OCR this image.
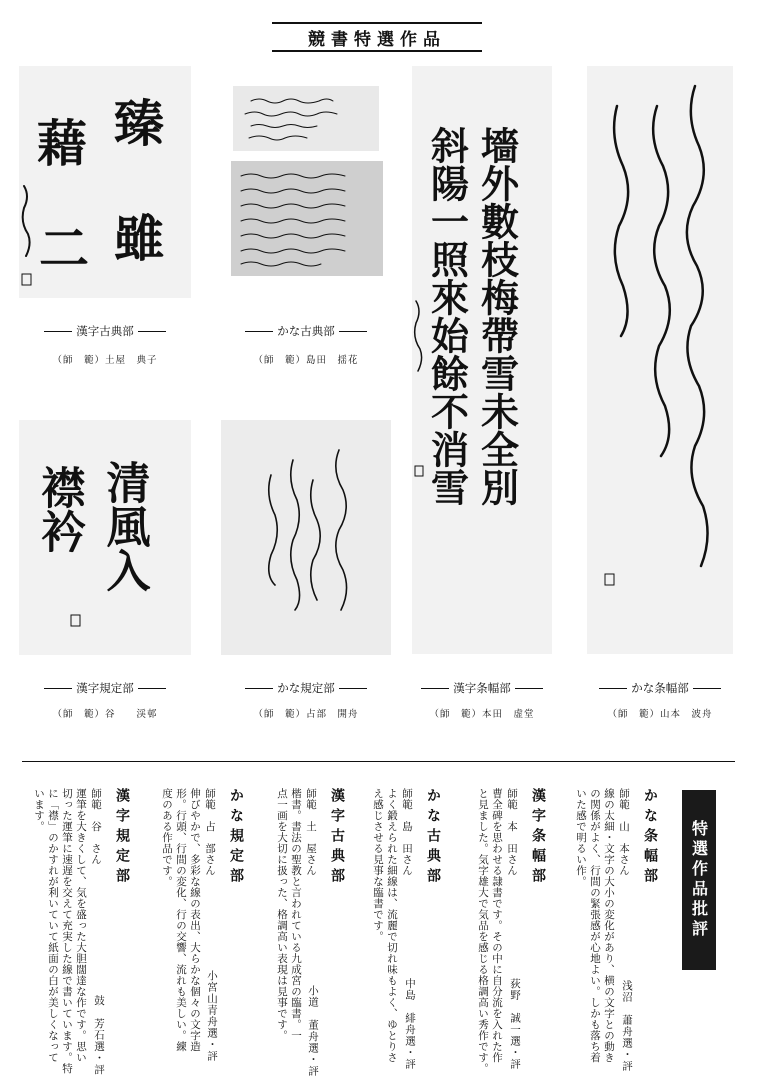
競書特選作品
臻
雖
藉
二
漢字古典部
（師　範）土屋　典子
かな古典部
（師　範）島田　揺花	墻外數枝梅帶雪未全別
斜陽一照來始餘不消雪
漢字条幅部
（師　範）本田　虚堂
かな条幅部
（師　範）山本　波舟
清風入
襟衿
漢字規定部
（師　範）谷　　渓邨
かな規定部
（師　範）占部　開舟
特選作品批評
かな条幅部
師範　山　本さん
線の太細・文字の大小の変化があり、横の文字との動き
の関係がよく、行間の緊張感が心地よい。しかも落ち着
いた感で明るい作。
浅沼　蕭舟選・評
漢字条幅部
師範　本　田さん
曹全碑を思わせる隷書です。その中に自分流を入れた作
と見ました。気字雄大で気品を感じる格調高い秀作です。 荻野　誠一選・評
かな古典部
師範　島　田さん
よく鍛えられた細線は、流麗で切れ味もよく、ゆとりさ
え感じさせる見事な臨書です。
中島　緋舟選・評
漢字古典部
師範　土　屋さん
楷書。書法の聖教と言われている九成宮の臨書。一
点一画を大切に扱った、格調高い表現は見事です。 小道　董舟選・評
かな規定部
師範　占　部さん
伸びやかで、多彩な線の表出、大らかな個々の文字造
形。行頭、行間の変化、行の交響、流れも美しい。練
度のある作品です。
小宮山青舟選・評
漢字規定部
師範　谷　さん
運筆を大きくして、気を盛った大胆闊達な作です。思い
切った運筆に速遅を交えて充実した線で書いています。特
に「襟」のかすれが利いていて紙面の白が美しくなって
います。
鼓　芳石選・評
